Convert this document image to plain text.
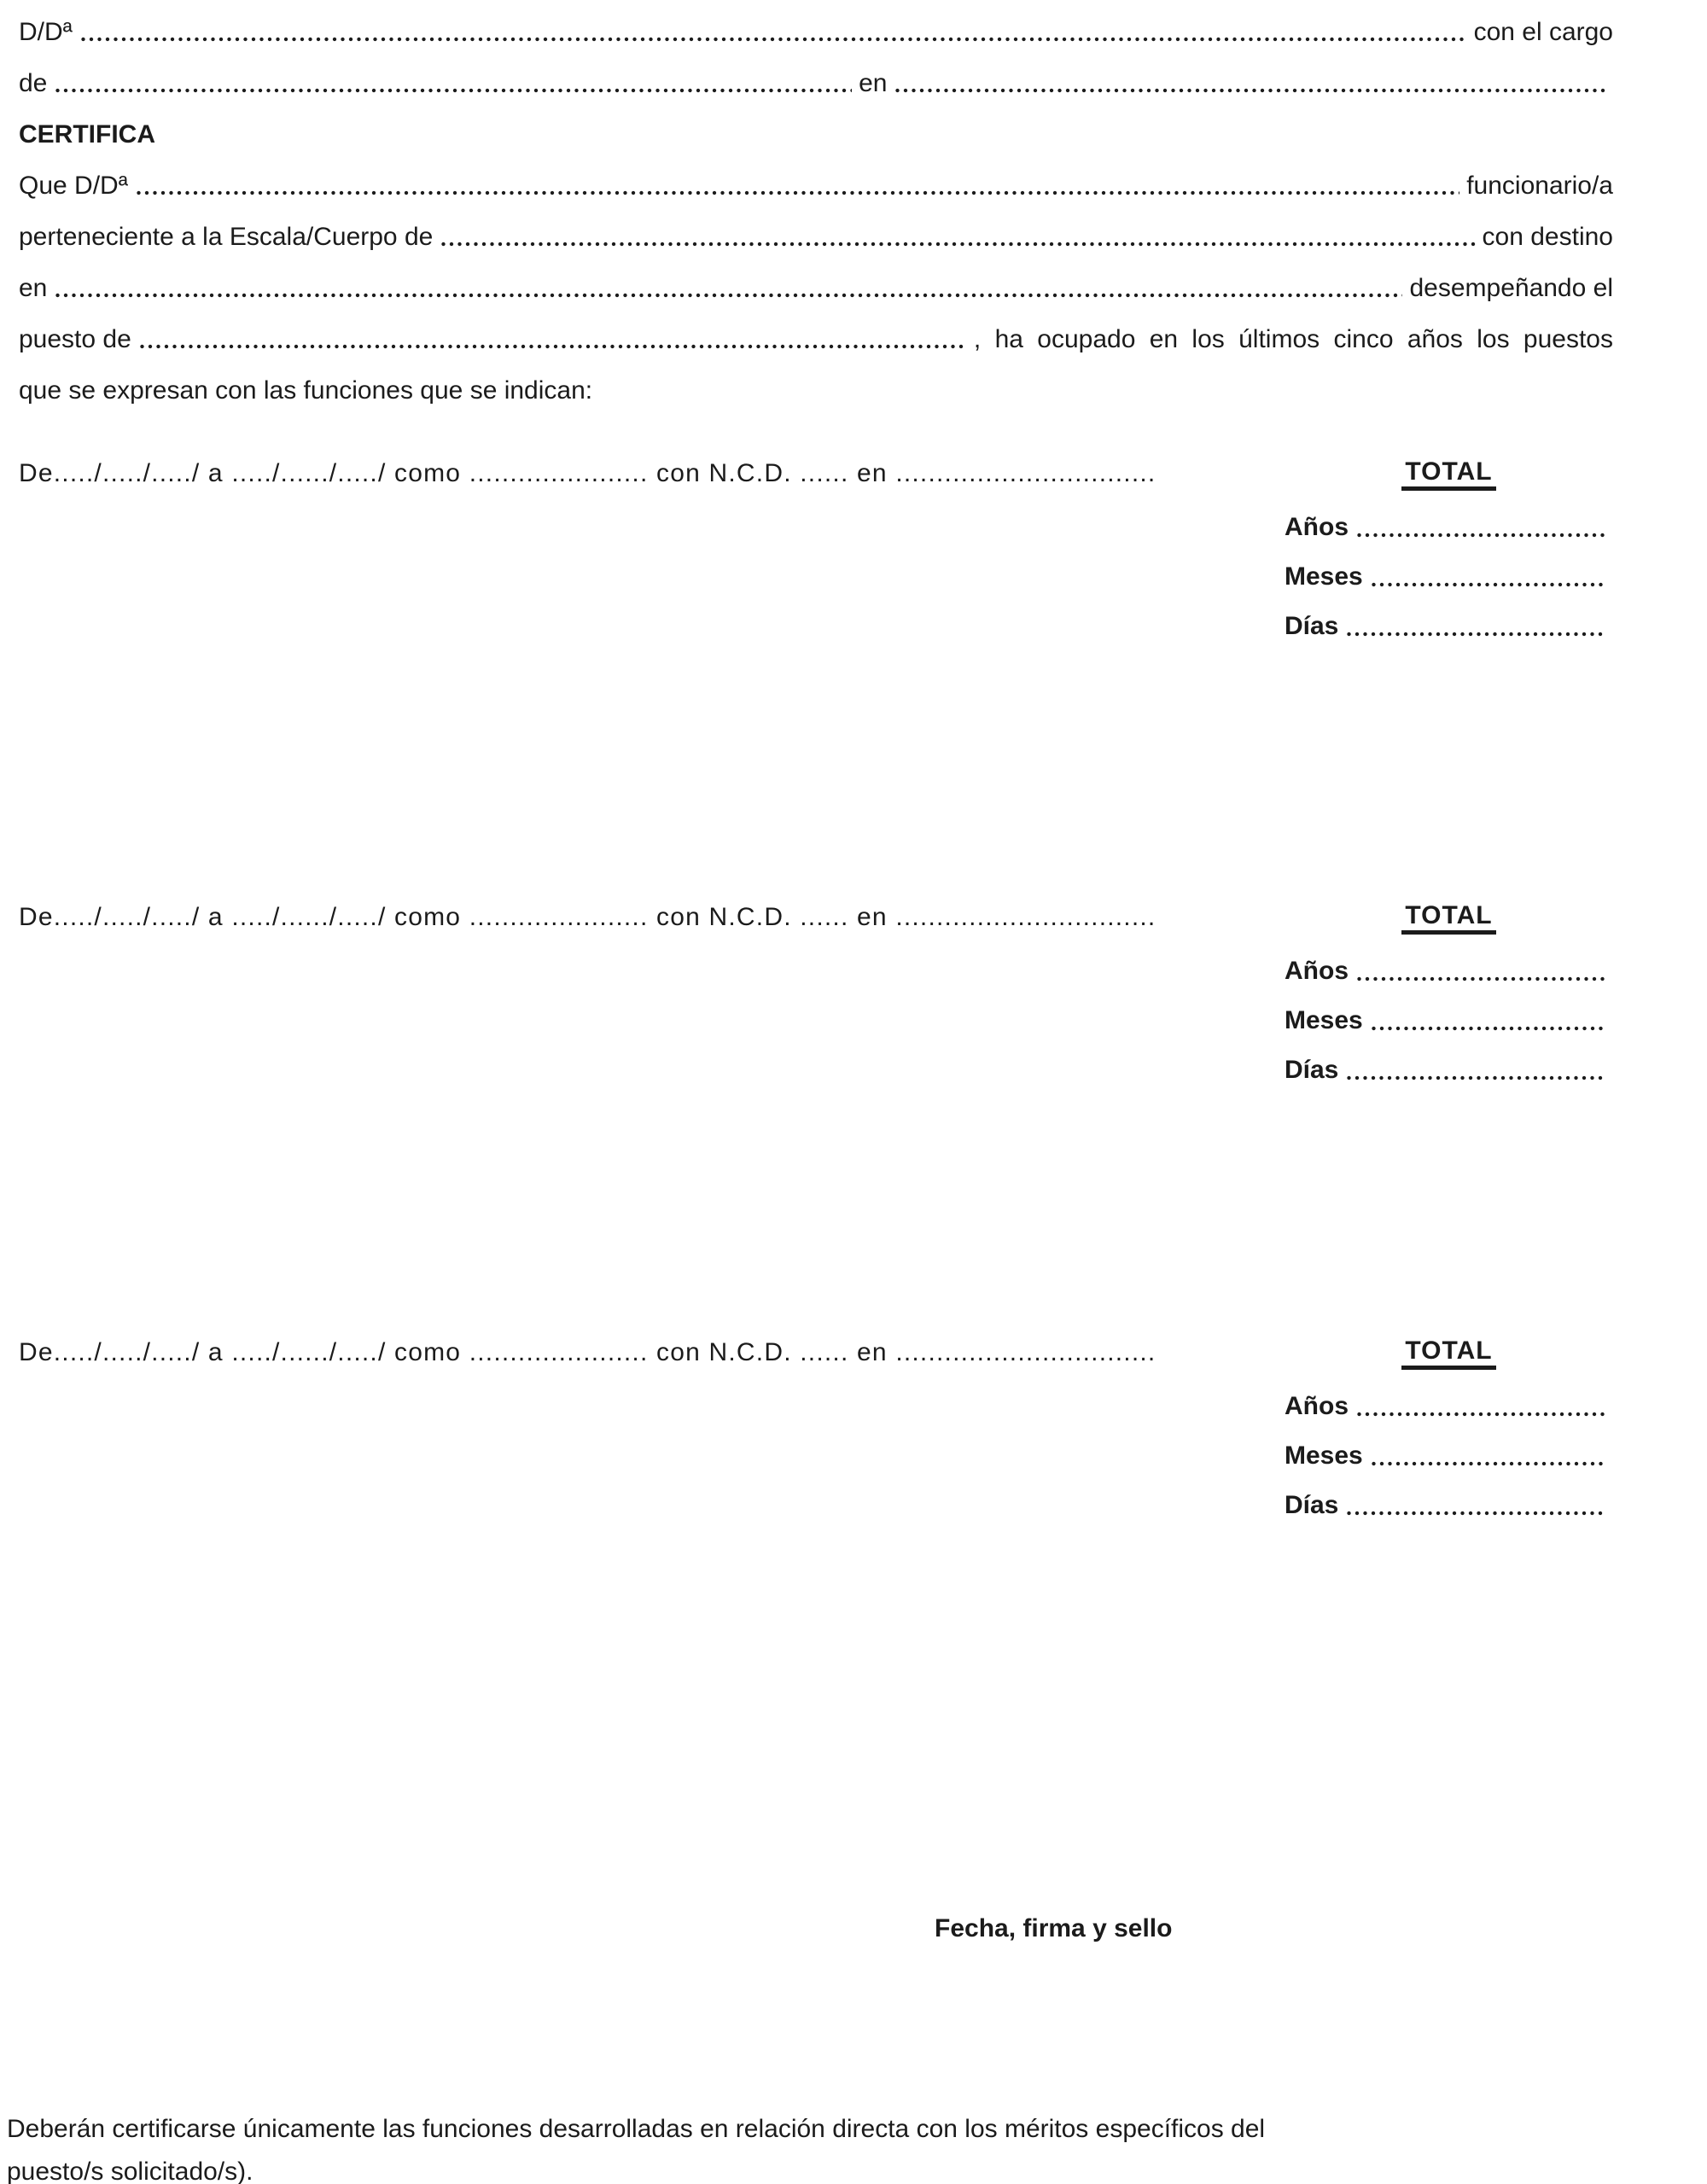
D/Dª	con el cargo
de	en
CERTIFICA
Que D/Dª	funcionario/a
perteneciente a la Escala/Cuerpo de	con destino
en	desempeñando el
puesto de	, ha ocupado en los últimos cinco años los puestos
que se expresan con las funciones que se indican:
De...../...../...../ a ...../....../...../ como ...................... con N.C.D. ...... en ................................	TOTAL
Años
Meses
Días
De...../...../...../ a ...../....../...../ como ...................... con N.C.D. ...... en ................................	TOTAL
Años
Meses
Días
De...../...../...../ a ...../....../...../ como ...................... con N.C.D. ...... en ................................	TOTAL
Años
Meses
Días
Fecha, firma y sello
Deberán certificarse únicamente las funciones desarrolladas en relación directa con los méritos específicos del
puesto/s solicitado/s).
